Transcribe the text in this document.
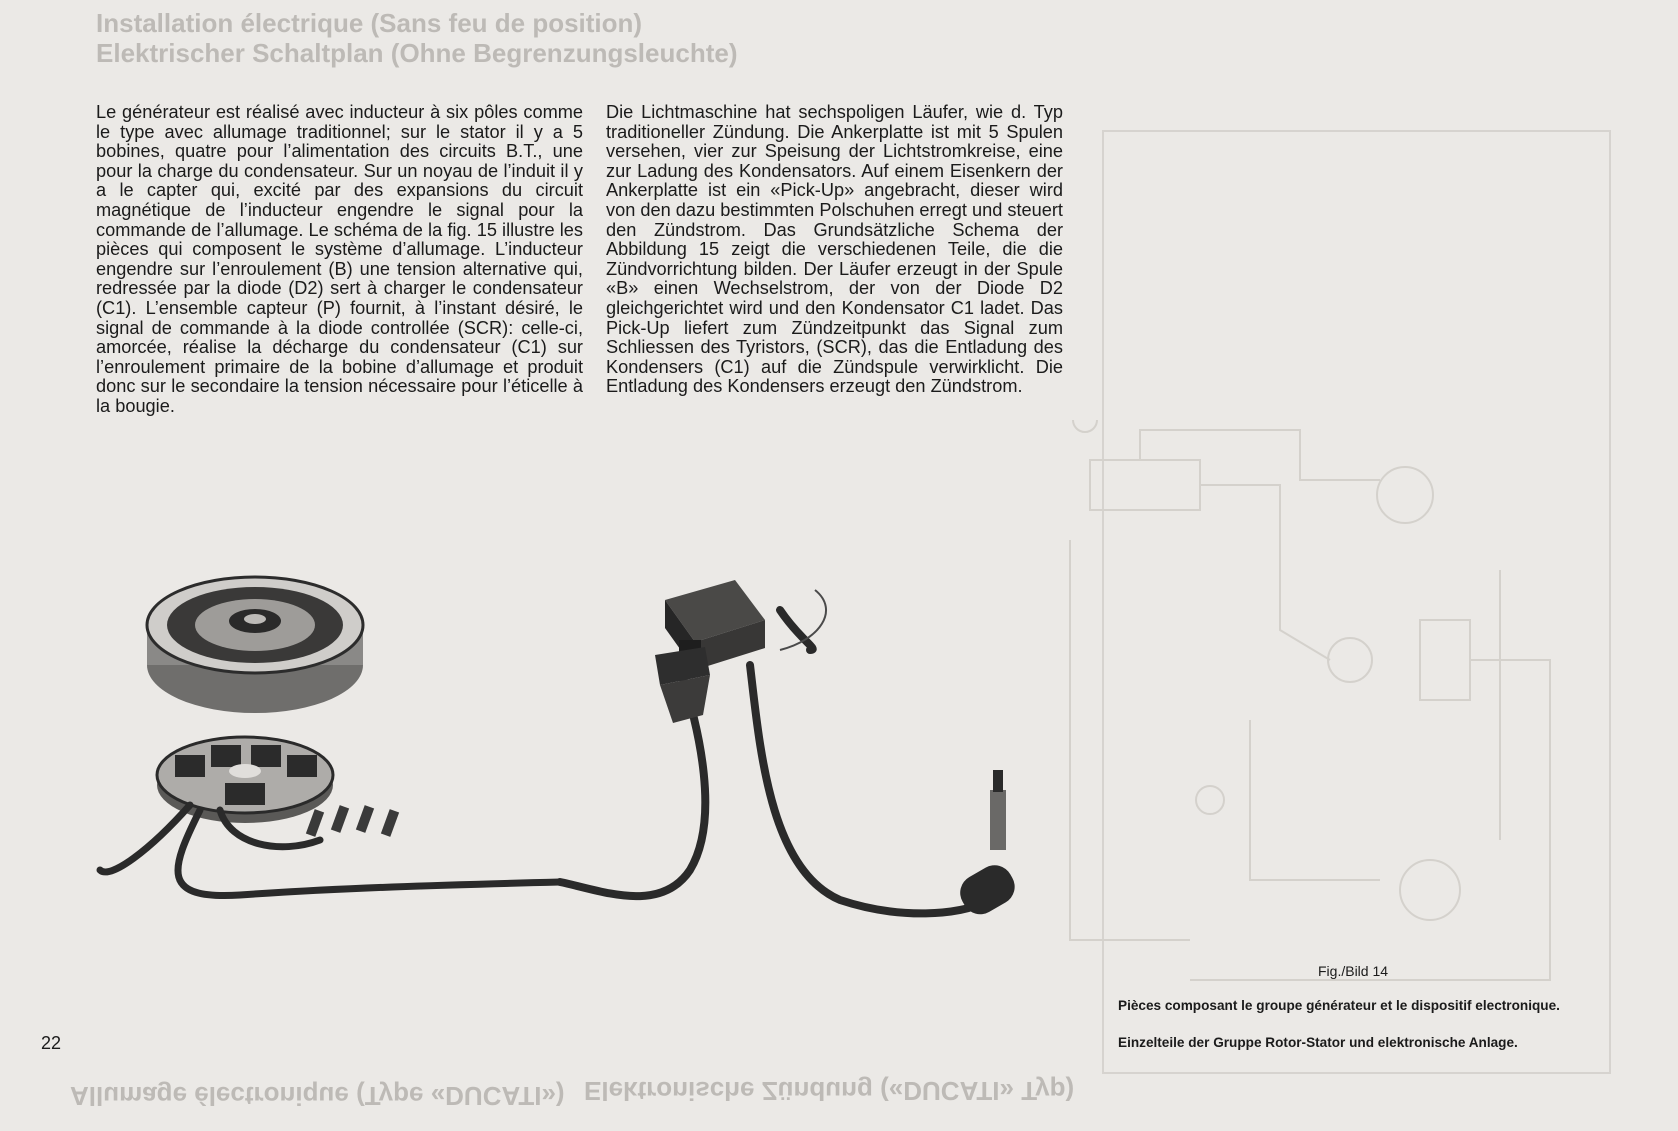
Installation électrique (Sans feu de position)
Elektrischer Schaltplan (Ohne Begrenzungsleuchte)
Allumage électronique (Type «DUCATI») Elektronische Zündung («DUCATI» Typ)

Le générateur est réalisé avec inducteur à six pôles comme le type avec allumage traditionnel; sur le stator il y a 5 bobines, quatre pour l’alimentation des circuits B.T., une pour la charge du condensateur. Sur un noyau de l’induit il y a le capter qui, excité par des expansions du circuit magnétique de l’inducteur engendre le signal pour la commande de l’allumage. Le schéma de la fig. 15 illustre les pièces qui composent le système d’allumage. L’inducteur engendre sur l’enroulement (B) une tension alternative qui, redressée par la diode (D2) sert à charger le condensateur (C1). L’ensemble capteur (P) fournit, à l’instant désiré, le signal de commande à la diode controllée (SCR): celle-ci, amorcée, réalise la décharge du condensateur (C1) sur l’enroulement primaire de la bobine d’allumage et produit donc sur le secondaire la tension nécessaire pour l’éticelle à la bougie.

Die Lichtmaschine hat sechspoligen Läufer, wie d. Typ traditioneller Zündung. Die Ankerplatte ist mit 5 Spulen versehen, vier zur Speisung der Lichtstromkreise, eine zur Ladung des Kondensators. Auf einem Eisenkern der Ankerplatte ist ein «Pick-Up» angebracht, dieser wird von den dazu bestimmten Polschuhen erregt und steuert den Zündstrom. Das Grundsätzliche Schema der Abbildung 15 zeigt die verschiedenen Teile, die die Zündvorrichtung bilden. Der Läufer erzeugt in der Spule «B» einen Wechselstrom, der von der Diode D2 gleichgerichtet wird und den Kondensator C1 ladet. Das Pick-Up liefert zum Zündzeitpunkt das Signal zum Schliessen des Tyristors, (SCR), das die Entladung des Kondensers (C1) auf die Zündspule verwirklicht. Die Entladung des Kondensers erzeugt den Zündstrom.

22
Fig./Bild 14
Pièces composant le groupe générateur et le dispositif electronique.
Einzelteile der Gruppe Rotor-Stator und elektronische Anlage.
